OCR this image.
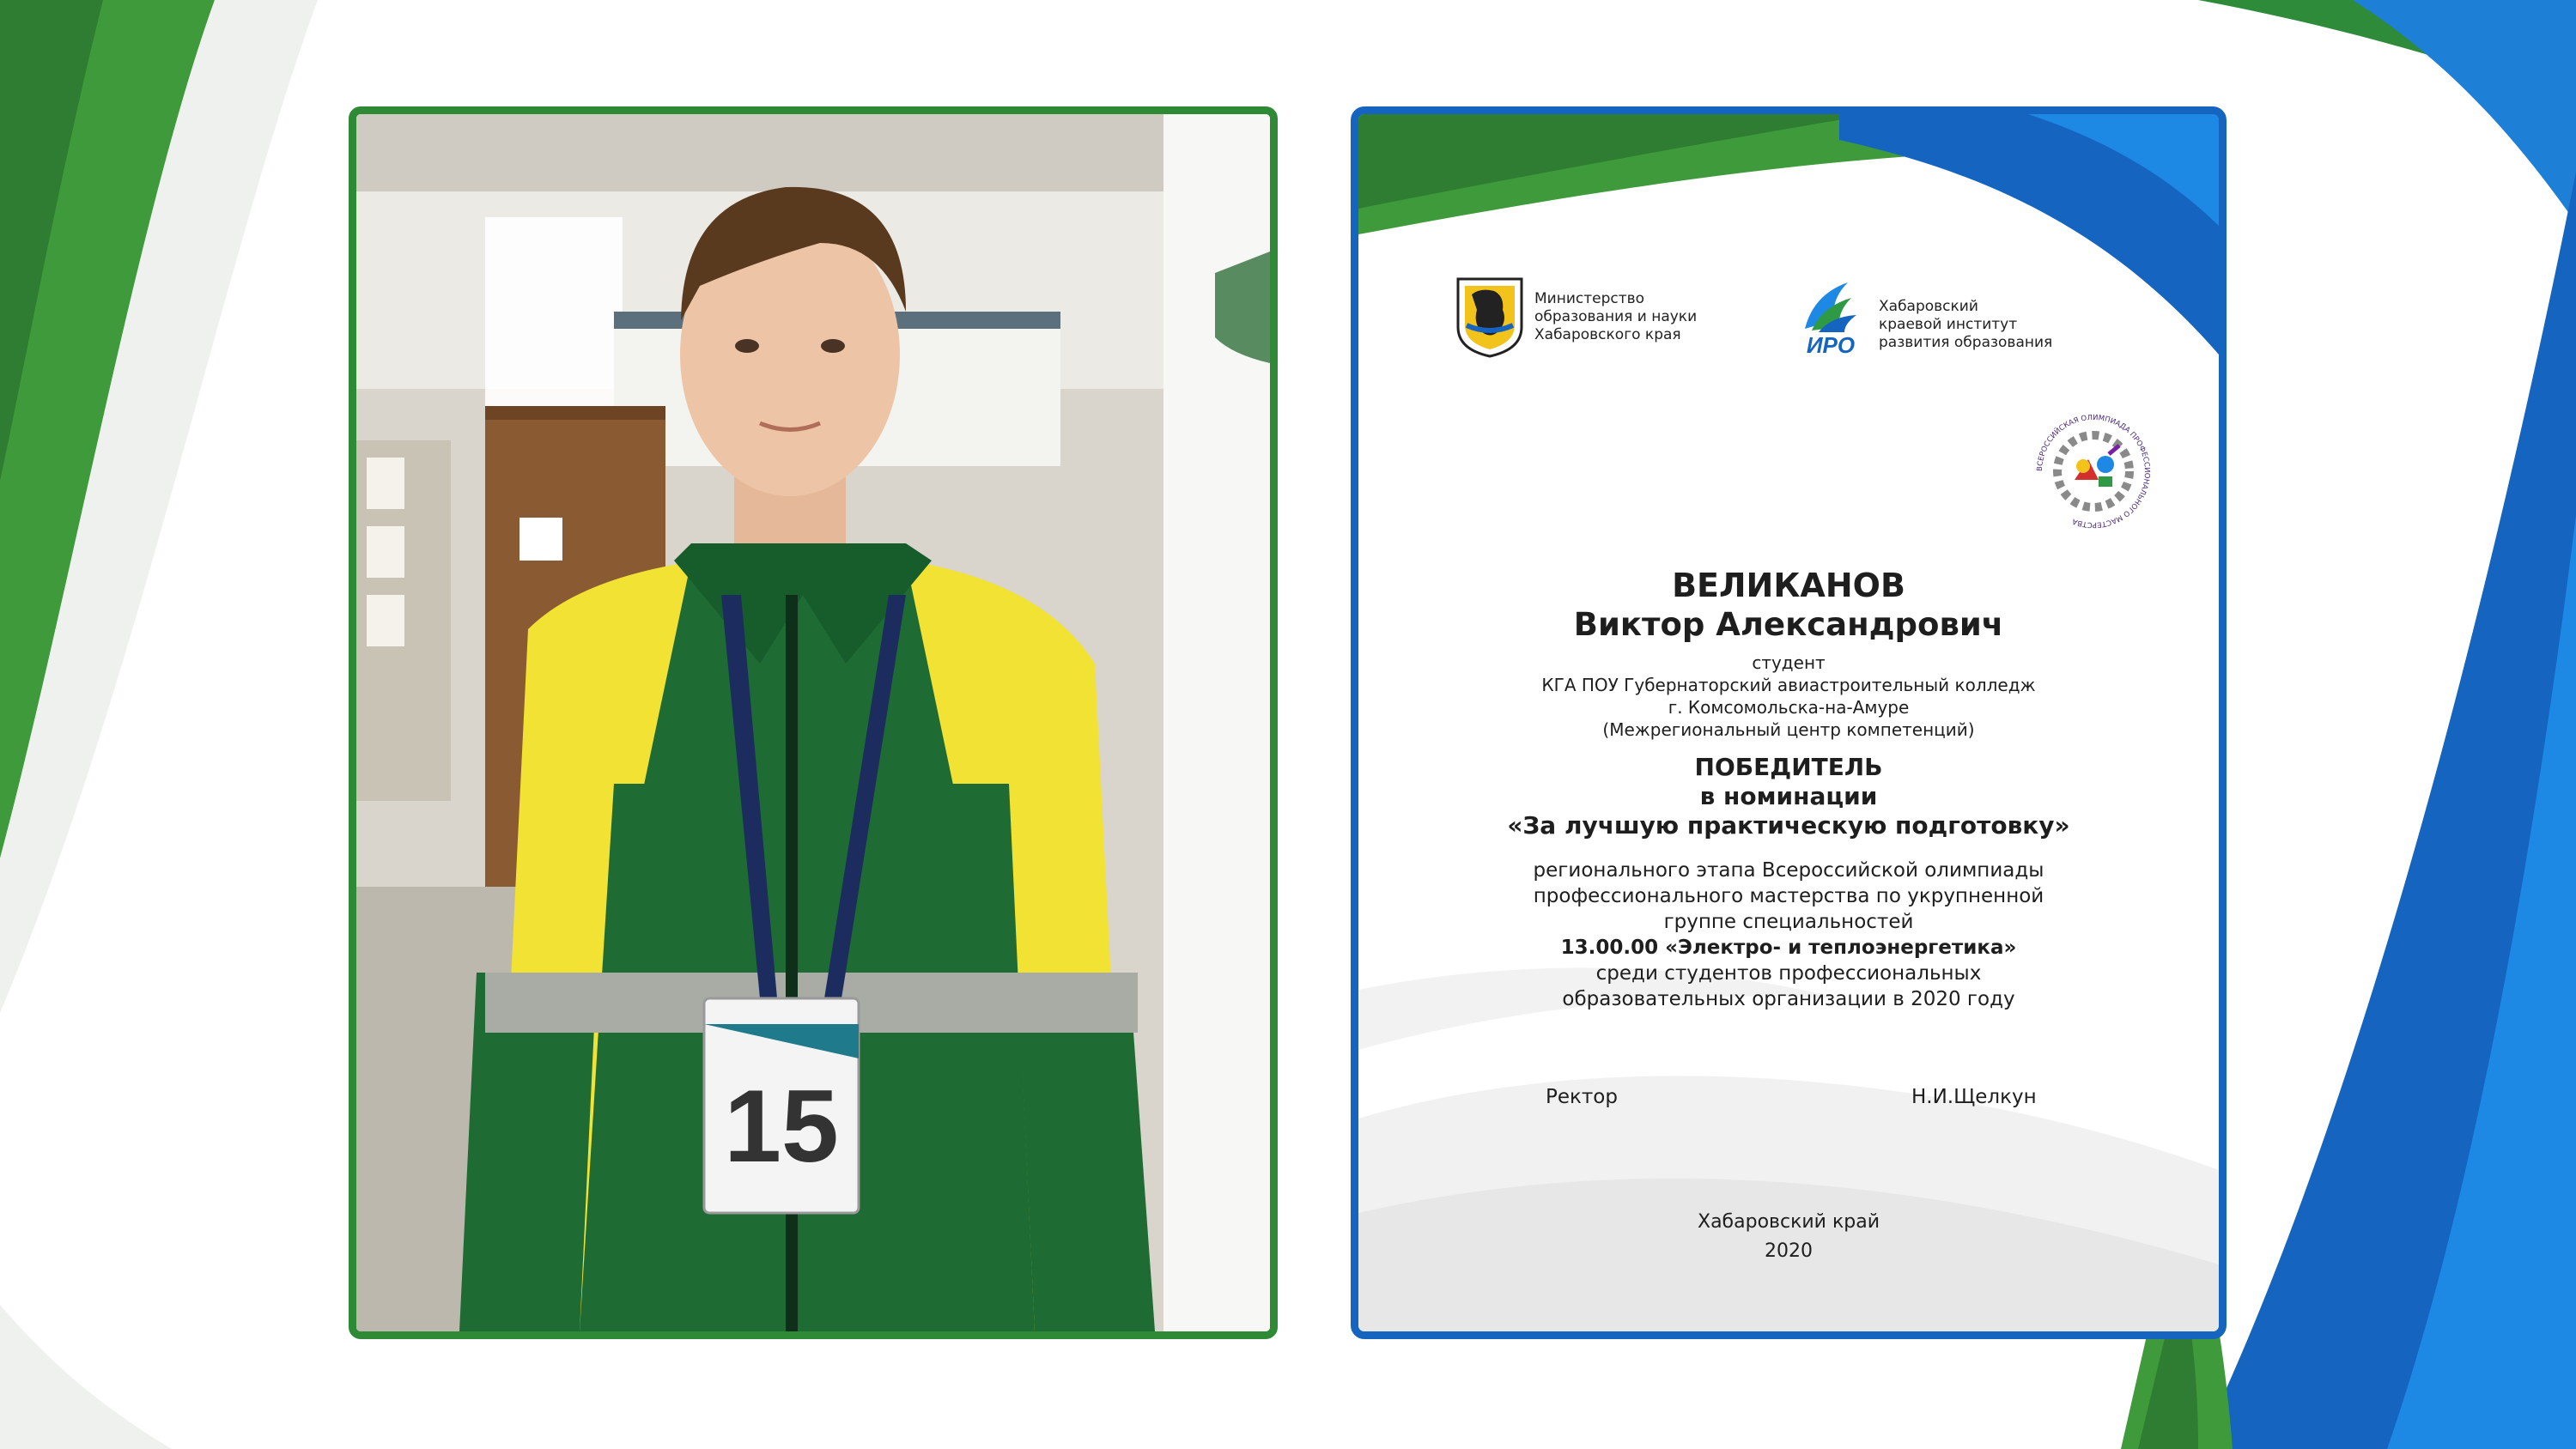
15
Министерство
образования и науки
Хабаровского края	ИРО
Хабаровский
краевой институт
развития образования
ВСЕРОССИЙСКАЯ ОЛИМПИАДА ПРОФЕССИОНАЛЬНОГО МАСТЕРСТВА
ВЕЛИКАНОВ
Виктор Александрович
студент
КГА ПОУ Губернаторский авиастроительный колледж
г. Комсомольска-на-Амуре
(Межрегиональный центр компетенций)
ПОБЕДИТЕЛЬ
в номинации
«За лучшую практическую подготовку»
регионального этапа Всероссийской олимпиады
профессионального мастерства по укрупненной
группе специальностей
13.00.00 «Электро- и теплоэнергетика»
среди студентов профессиональных
образовательных организации в 2020 году
Ректор	Н.И.Щелкун
Хабаровский край
2020
